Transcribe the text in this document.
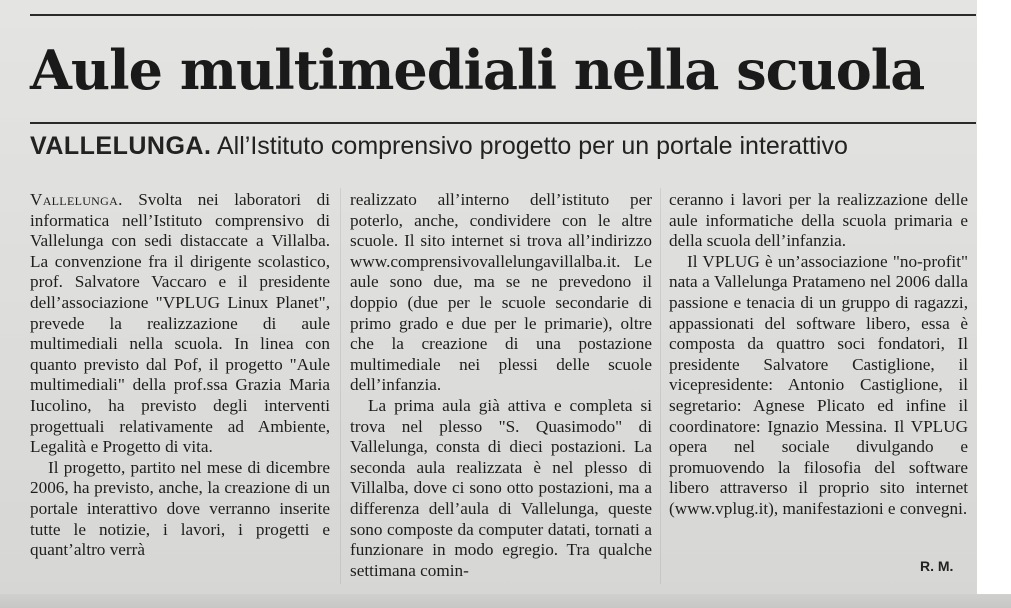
Aule multimediali nella scuola
VALLELUNGA. All’Istituto comprensivo progetto per un portale interattivo

Vallelunga. Svolta nei laboratori di informatica nell’Istituto comprensivo di Vallelunga con sedi distaccate a Villalba. La convenzione fra il dirigente scolastico, prof. Salvatore Vaccaro e il presidente dell’associazione "VPLUG Linux Planet", prevede la realizzazione di aule multimediali nella scuola. In linea con quanto previsto dal Pof, il progetto "Aule multimediali" della prof.ssa Grazia Maria Iucolino, ha previsto degli interventi progettuali relativamente ad Ambiente, Legalità e Progetto di vita.

Il progetto, partito nel mese di dicembre 2006, ha previsto, anche, la creazione di un portale interattivo dove verranno inserite tutte le notizie, i lavori, i progetti e quant’altro verrà

realizzato all’interno dell’istituto per poterlo, anche, condividere con le altre scuole. Il sito internet si trova all’indirizzo www.comprensivovallelungavillalba.it. Le aule sono due, ma se ne prevedono il doppio (due per le scuole secondarie di primo grado e due per le primarie), oltre che la creazione di una postazione multimediale nei plessi delle scuole dell’infanzia.

La prima aula già attiva e completa si trova nel plesso "S. Quasimodo" di Vallelunga, consta di dieci postazioni. La seconda aula realizzata è nel plesso di Villalba, dove ci sono otto postazioni, ma a differenza dell’aula di Vallelunga, queste sono composte da computer datati, tornati a funzionare in modo egregio. Tra qualche settimana comin-

ceranno i lavori per la realizzazione delle aule informatiche della scuola primaria e della scuola dell’infanzia.

Il VPLUG è un’associazione "no-profit" nata a Vallelunga Pratameno nel 2006 dalla passione e tenacia di un gruppo di ragazzi, appassionati del software libero, essa è composta da quattro soci fondatori, Il presidente Salvatore Castiglione, il vicepresidente: Antonio Castiglione, il segretario: Agnese Plicato ed infine il coordinatore: Ignazio Messina. Il VPLUG opera nel sociale divulgando e promuovendo la filosofia del software libero attraverso il proprio sito internet (www.vplug.it), manifestazioni e convegni.

R. M.
